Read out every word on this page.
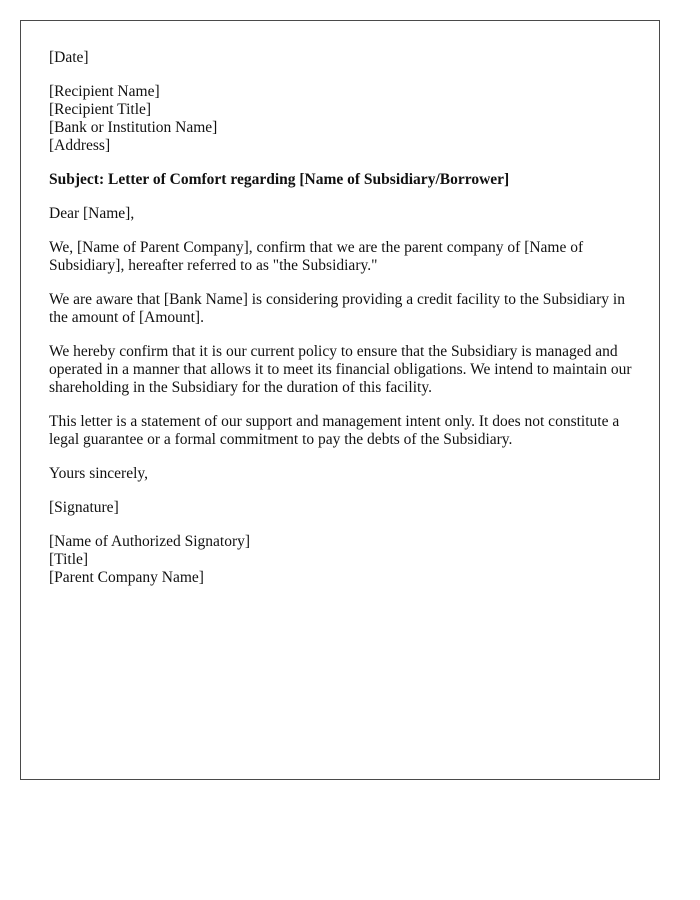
[Date]
[Recipient Name]
[Recipient Title]
[Bank or Institution Name]
[Address]

Subject: Letter of Comfort regarding [Name of Subsidiary/Borrower]

Dear [Name],

We, [Name of Parent Company], confirm that we are the parent company of [Name of Subsidiary], hereafter referred to as "the Subsidiary."

We are aware that [Bank Name] is considering providing a credit facility to the Subsidiary in the amount of [Amount].

We hereby confirm that it is our current policy to ensure that the Subsidiary is managed and operated in a manner that allows it to meet its financial obligations. We intend to maintain our shareholding in the Subsidiary for the duration of this facility.

This letter is a statement of our support and management intent only. It does not constitute a legal guarantee or a formal commitment to pay the debts of the Subsidiary.

Yours sincerely,

[Signature]

[Name of Authorized Signatory]
[Title]
[Parent Company Name]
